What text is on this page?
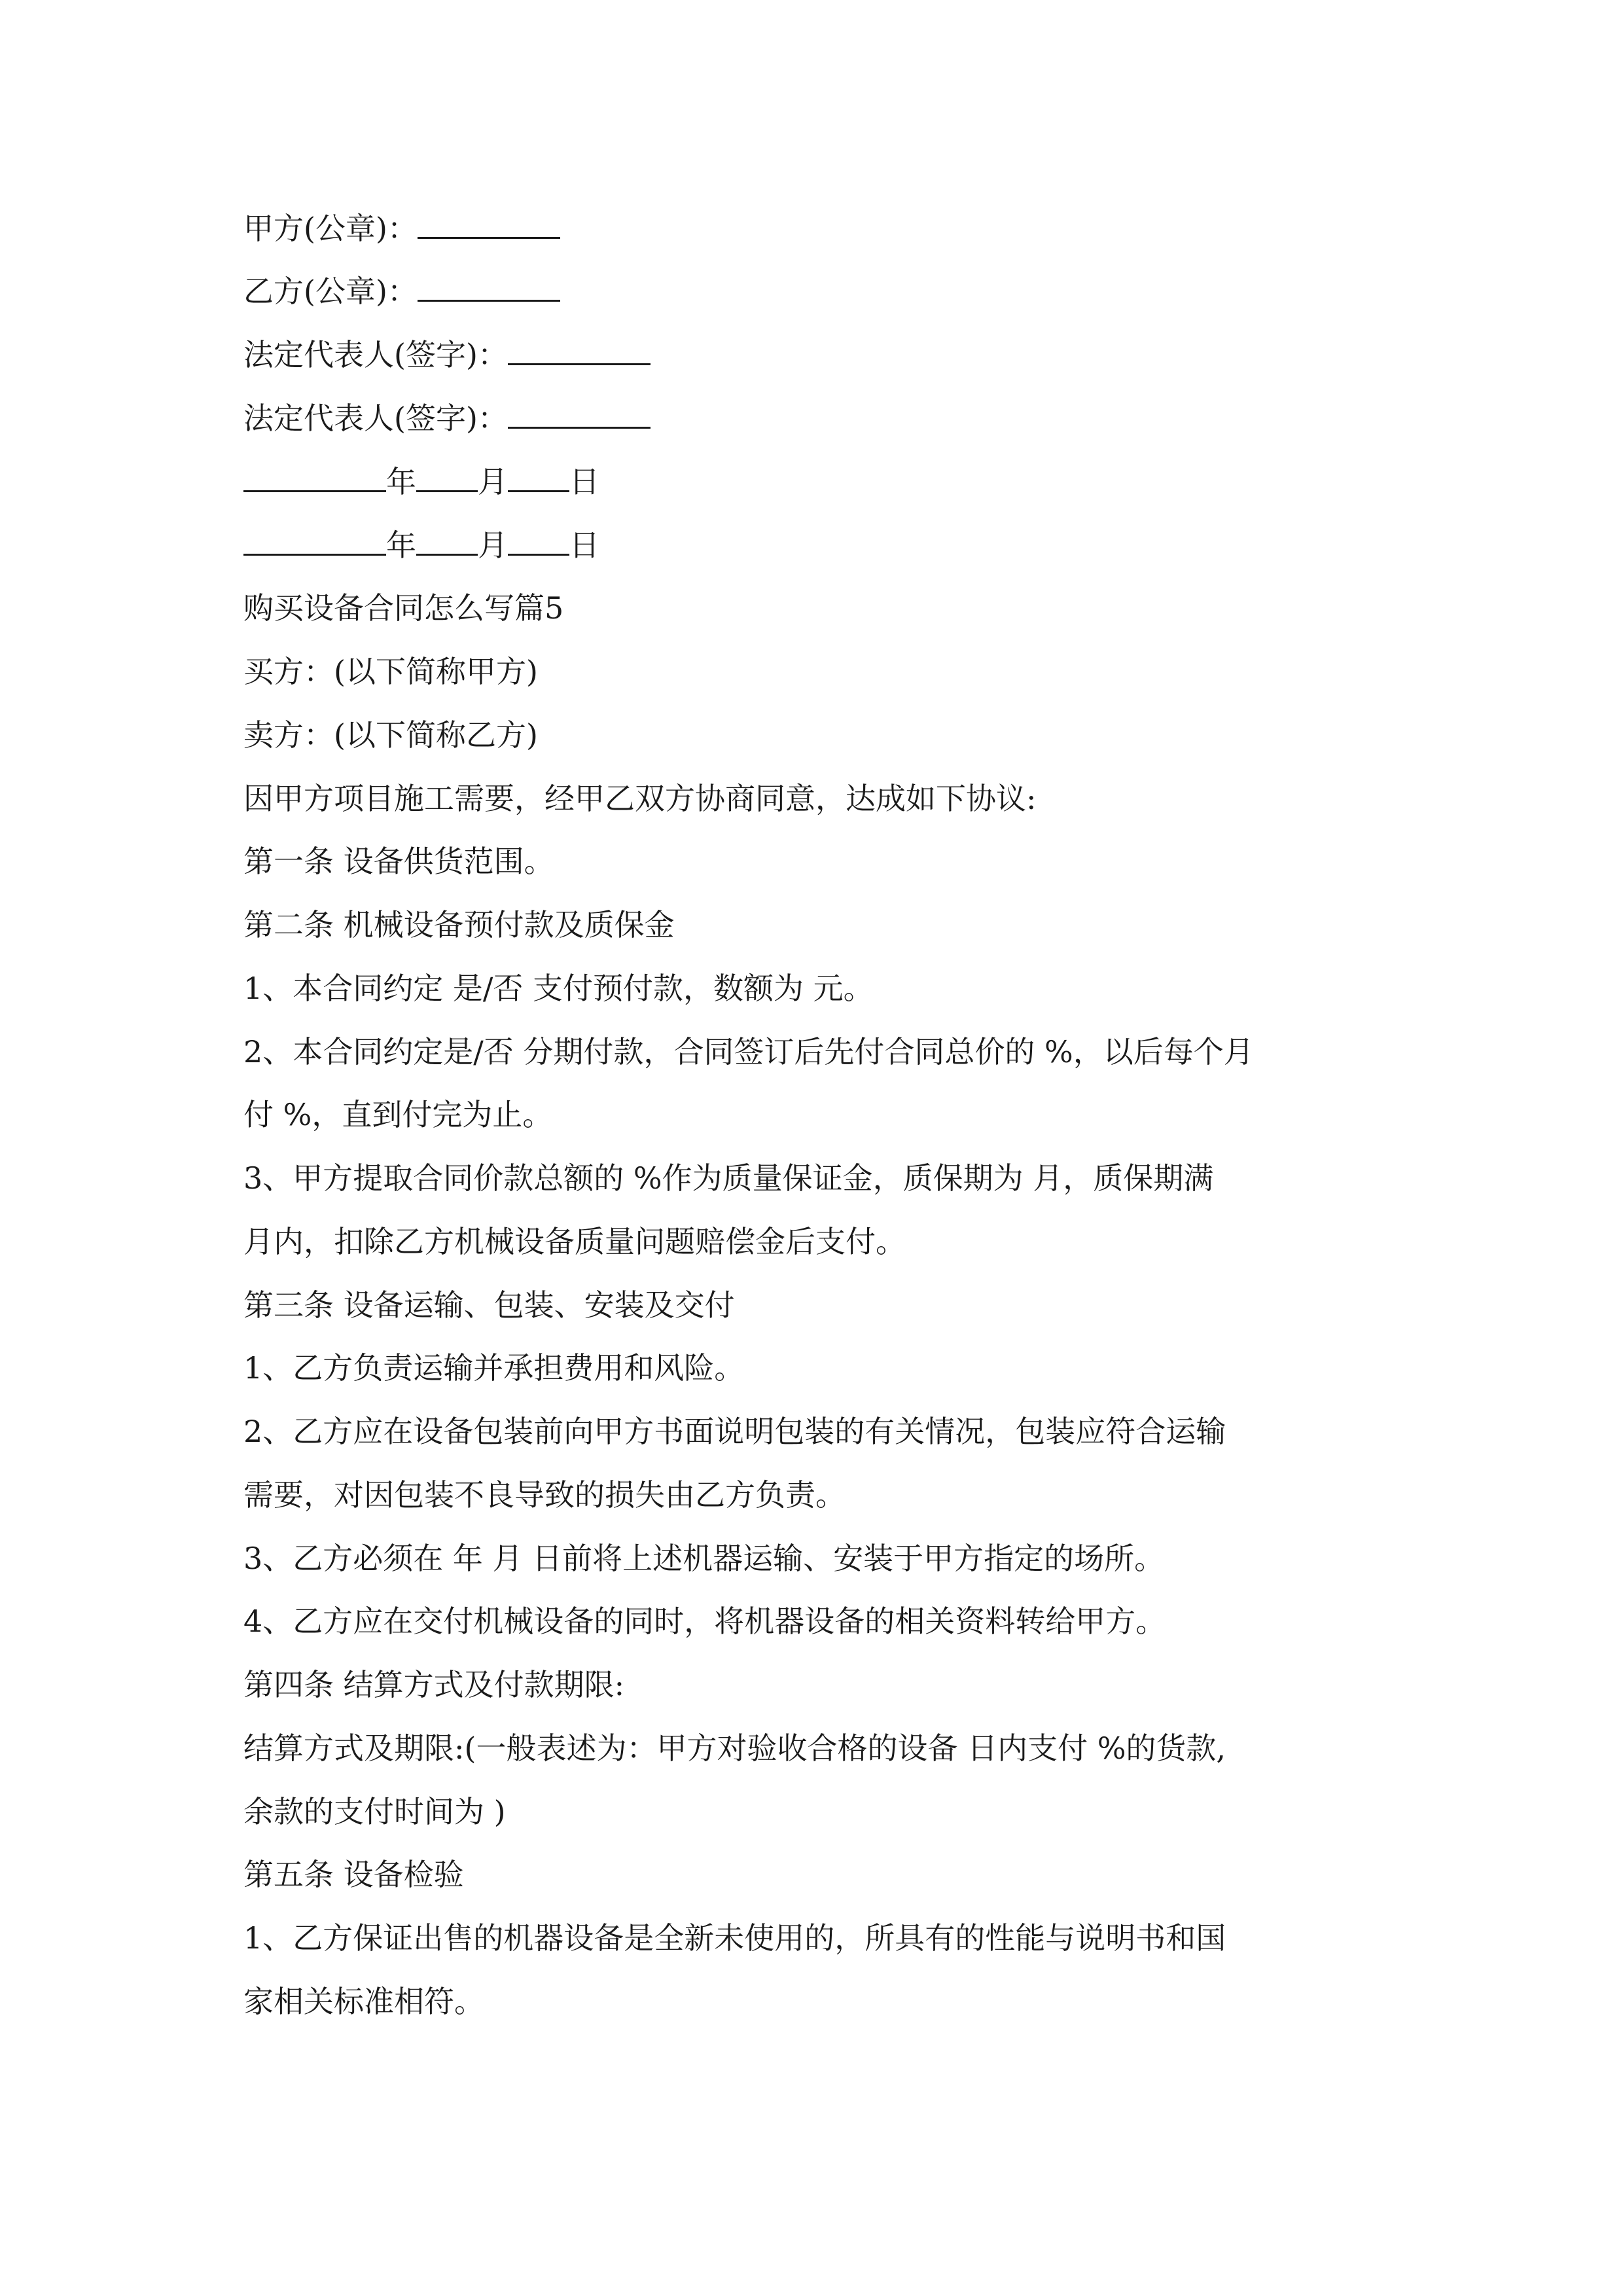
甲方(公章)：
乙方(公章)：
法定代表人(签字)：
法定代表人(签字)：
年 月 日
年 月 日
购买设备合同怎么写篇5
买方：(以下简称甲方)
卖方：(以下简称乙方)
因甲方项目施工需要，经甲乙双方协商同意，达成如下协议:
第一条 设备供货范围。
第二条 机械设备预付款及质保金
1、本合同约定 是/否 支付预付款，数额为 元。
2、本合同约定是/否 分期付款，合同签订后先付合同总价的 %，以后每个月
付 %，直到付完为止。
3、甲方提取合同价款总额的 %作为质量保证金，质保期为 月，质保期满
月内，扣除乙方机械设备质量问题赔偿金后支付。
第三条 设备运输、包装、安装及交付
1、乙方负责运输并承担费用和风险。
2、乙方应在设备包装前向甲方书面说明包装的有关情况，包装应符合运输
需要，对因包装不良导致的损失由乙方负责。
3、乙方必须在 年 月 日前将上述机器运输、安装于甲方指定的场所。
4、乙方应在交付机械设备的同时，将机器设备的相关资料转给甲方。
第四条 结算方式及付款期限:
结算方式及期限:(一般表述为：甲方对验收合格的设备 日内支付 %的货款,
余款的支付时间为 )
第五条 设备检验
1、乙方保证出售的机器设备是全新未使用的，所具有的性能与说明书和国
家相关标准相符。
